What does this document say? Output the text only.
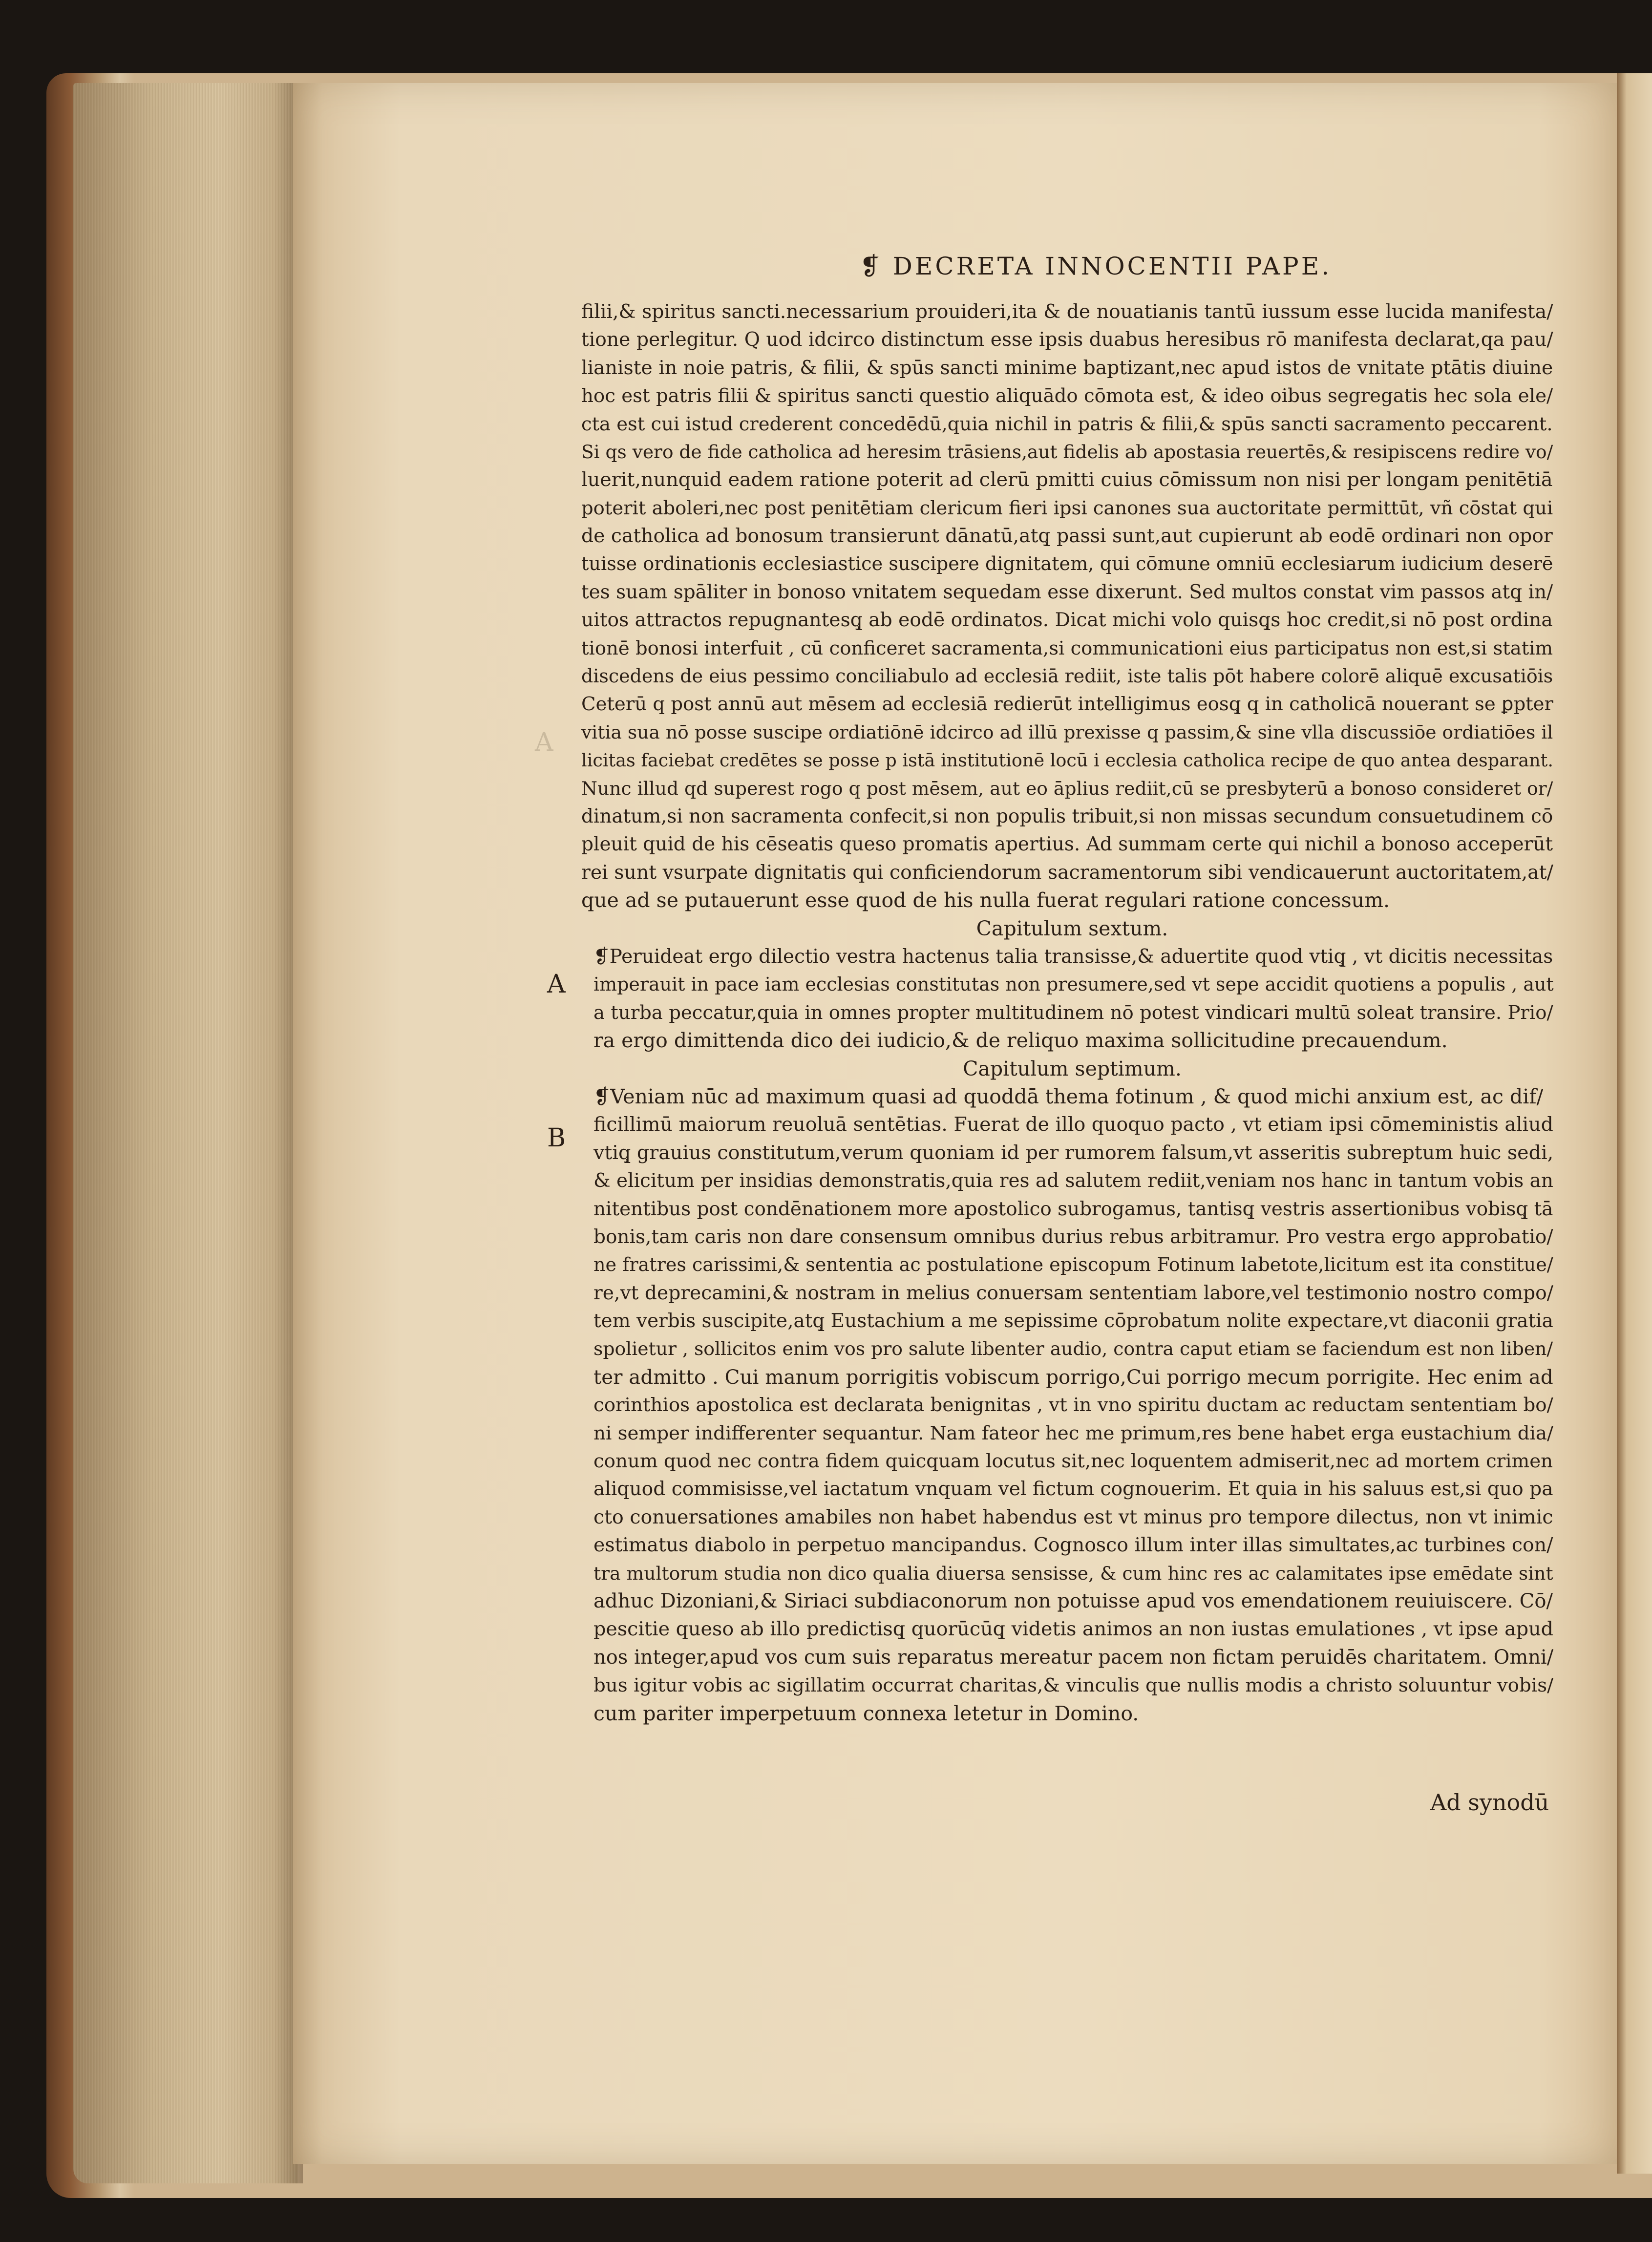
❡ DECRETA INNOCENTII PAPE.
A
A
B
filii,& spiritus sancti.necessarium prouideri,ita & de nouatianis tantū iussum esse lucida manifesta/
tione perlegitur. Q uod idcirco distinctum esse ipsis duabus heresibus rō manifesta declarat,qa pau/
lianiste in noie patris, & filii, & spūs sancti minime baptizant,nec apud istos de vnitate ptātis diuine
hoc est patris filii & spiritus sancti questio aliquādo cōmota est, & ideo oibus segregatis hec sola ele/
cta est cui istud crederent concedēdū,quia nichil in patris & filii,& spūs sancti sacramento peccarent.
Si qs vero de fide catholica ad heresim trāsiens,aut fidelis ab apostasia reuertēs,& resipiscens redire vo/
luerit,nunquid eadem ratione poterit ad clerū pmitti cuius cōmissum non nisi per longam penitētiā
poterit aboleri,nec post penitētiam clericum fieri ipsi canones sua auctoritate permittūt, vñ cōstat qui
de catholica ad bonosum transierunt dānatū,atq̧ passi sunt,aut cupierunt ab eodē ordinari non opor
tuisse ordinationis ecclesiastice suscipere dignitatem, qui cōmune omniū ecclesiarum iudicium deserē
tes suam spāliter in bonoso vnitatem sequedam esse dixerunt. Sed multos constat vim passos atq̧ in/
uitos attractos repugnantesq̧ ab eodē ordinatos. Dicat michi volo quisq̧s hoc credit,si nō post ordina
tionē bonosi interfuit , cū conficeret sacramenta,si communicationi eius participatus non est,si statim
discedens de eius pessimo conciliabulo ad ecclesiā rediit, iste talis pōt habere colorē aliquē excusatiōis
Ceterū q post annū aut mēsem ad ecclesiā redierūt intelligimus eosq̧ q in catholicā nouerant se ꝑpter
vitia sua nō posse suscipe ordiatiōnē idcirco ad illū prexisse q passim,& sine vlla discussiōe ordiatiōes il
licitas faciebat credētes se posse p istā institutionē locū i ecclesia catholica recipe de quo antea desparant.
Nunc illud qd superest rogo q post mēsem, aut eo āplius rediit,cū se presbyterū a bonoso consideret or/
dinatum,si non sacramenta confecit,si non populis tribuit,si non missas secundum consuetudinem cō
pleuit quid de his cēseatis queso promatis apertius. Ad summam certe qui nichil a bonoso acceperūt
rei sunt vsurpate dignitatis qui conficiendorum sacramentorum sibi vendicauerunt auctoritatem,at/
que ad se putauerunt esse quod de his nulla fuerat regulari ratione concessum.
Capitulum sextum.
❡Peruideat ergo dilectio vestra hactenus talia transisse,& aduertite quod vtiq̧ , vt dicitis necessitas
imperauit in pace iam ecclesias constitutas non presumere,sed vt sepe accidit quotiens a populis , aut
a turba peccatur,quia in omnes propter multitudinem nō potest vindicari multū soleat transire. Prio/
ra ergo dimittenda dico dei iudicio,& de reliquo maxima sollicitudine precauendum.
Capitulum septimum.
❡Veniam nūc ad maximum quasi ad quoddā thema fotinum , & quod michi anxium est, ac dif/
ficillimū maiorum reuoluā sentētias. Fuerat de illo quoquo pacto , vt etiam ipsi cōmeministis aliud
vtiq̧ grauius constitutum,verum quoniam id per rumorem falsum,vt asseritis subreptum huic sedi,
& elicitum per insidias demonstratis,quia res ad salutem rediit,veniam nos hanc in tantum vobis an
nitentibus post condēnationem more apostolico subrogamus, tantisq̧ vestris assertionibus vobisq̧ tā
bonis,tam caris non dare consensum omnibus durius rebus arbitramur. Pro vestra ergo approbatio/
ne fratres carissimi,& sententia ac postulatione episcopum Fotinum labetote,licitum est ita constitue/
re,vt deprecamini,& nostram in melius conuersam sententiam labore,vel testimonio nostro compo/
tem verbis suscipite,atq̧ Eustachium a me sepissime cōprobatum nolite expectare,vt diaconii gratia
spolietur , sollicitos enim vos pro salute libenter audio, contra caput etiam se faciendum est non liben/
ter admitto . Cui manum porrigitis vobiscum porrigo,Cui porrigo mecum porrigite. Hec enim ad
corinthios apostolica est declarata benignitas , vt in vno spiritu ductam ac reductam sententiam bo/
ni semper indifferenter sequantur. Nam fateor hec me primum,res bene habet erga eustachium dia/
conum quod nec contra fidem quicquam locutus sit,nec loquentem admiserit,nec ad mortem crimen
aliquod commisisse,vel iactatum vnquam vel fictum cognouerim. Et quia in his saluus est,si quo pa
cto conuersationes amabiles non habet habendus est vt minus pro tempore dilectus, non vt inimic
estimatus diabolo in perpetuo mancipandus. Cognosco illum inter illas simultates,ac turbines con/
tra multorum studia non dico qualia diuersa sensisse, & cum hinc res ac calamitates ipse emēdate sint
adhuc Dizoniani,& Siriaci subdiaconorum non potuisse apud vos emendationem reuiuiscere. Cō/
pescitie queso ab illo predictisq̧ quorūcūq̧ videtis animos an non iustas emulationes , vt ipse apud
nos integer,apud vos cum suis reparatus mereatur pacem non fictam peruidēs charitatem. Omni/
bus igitur vobis ac sigillatim occurrat charitas,& vinculis que nullis modis a christo soluuntur vobis/
cum pariter imperpetuum connexa letetur in Domino.
Ad synodū
